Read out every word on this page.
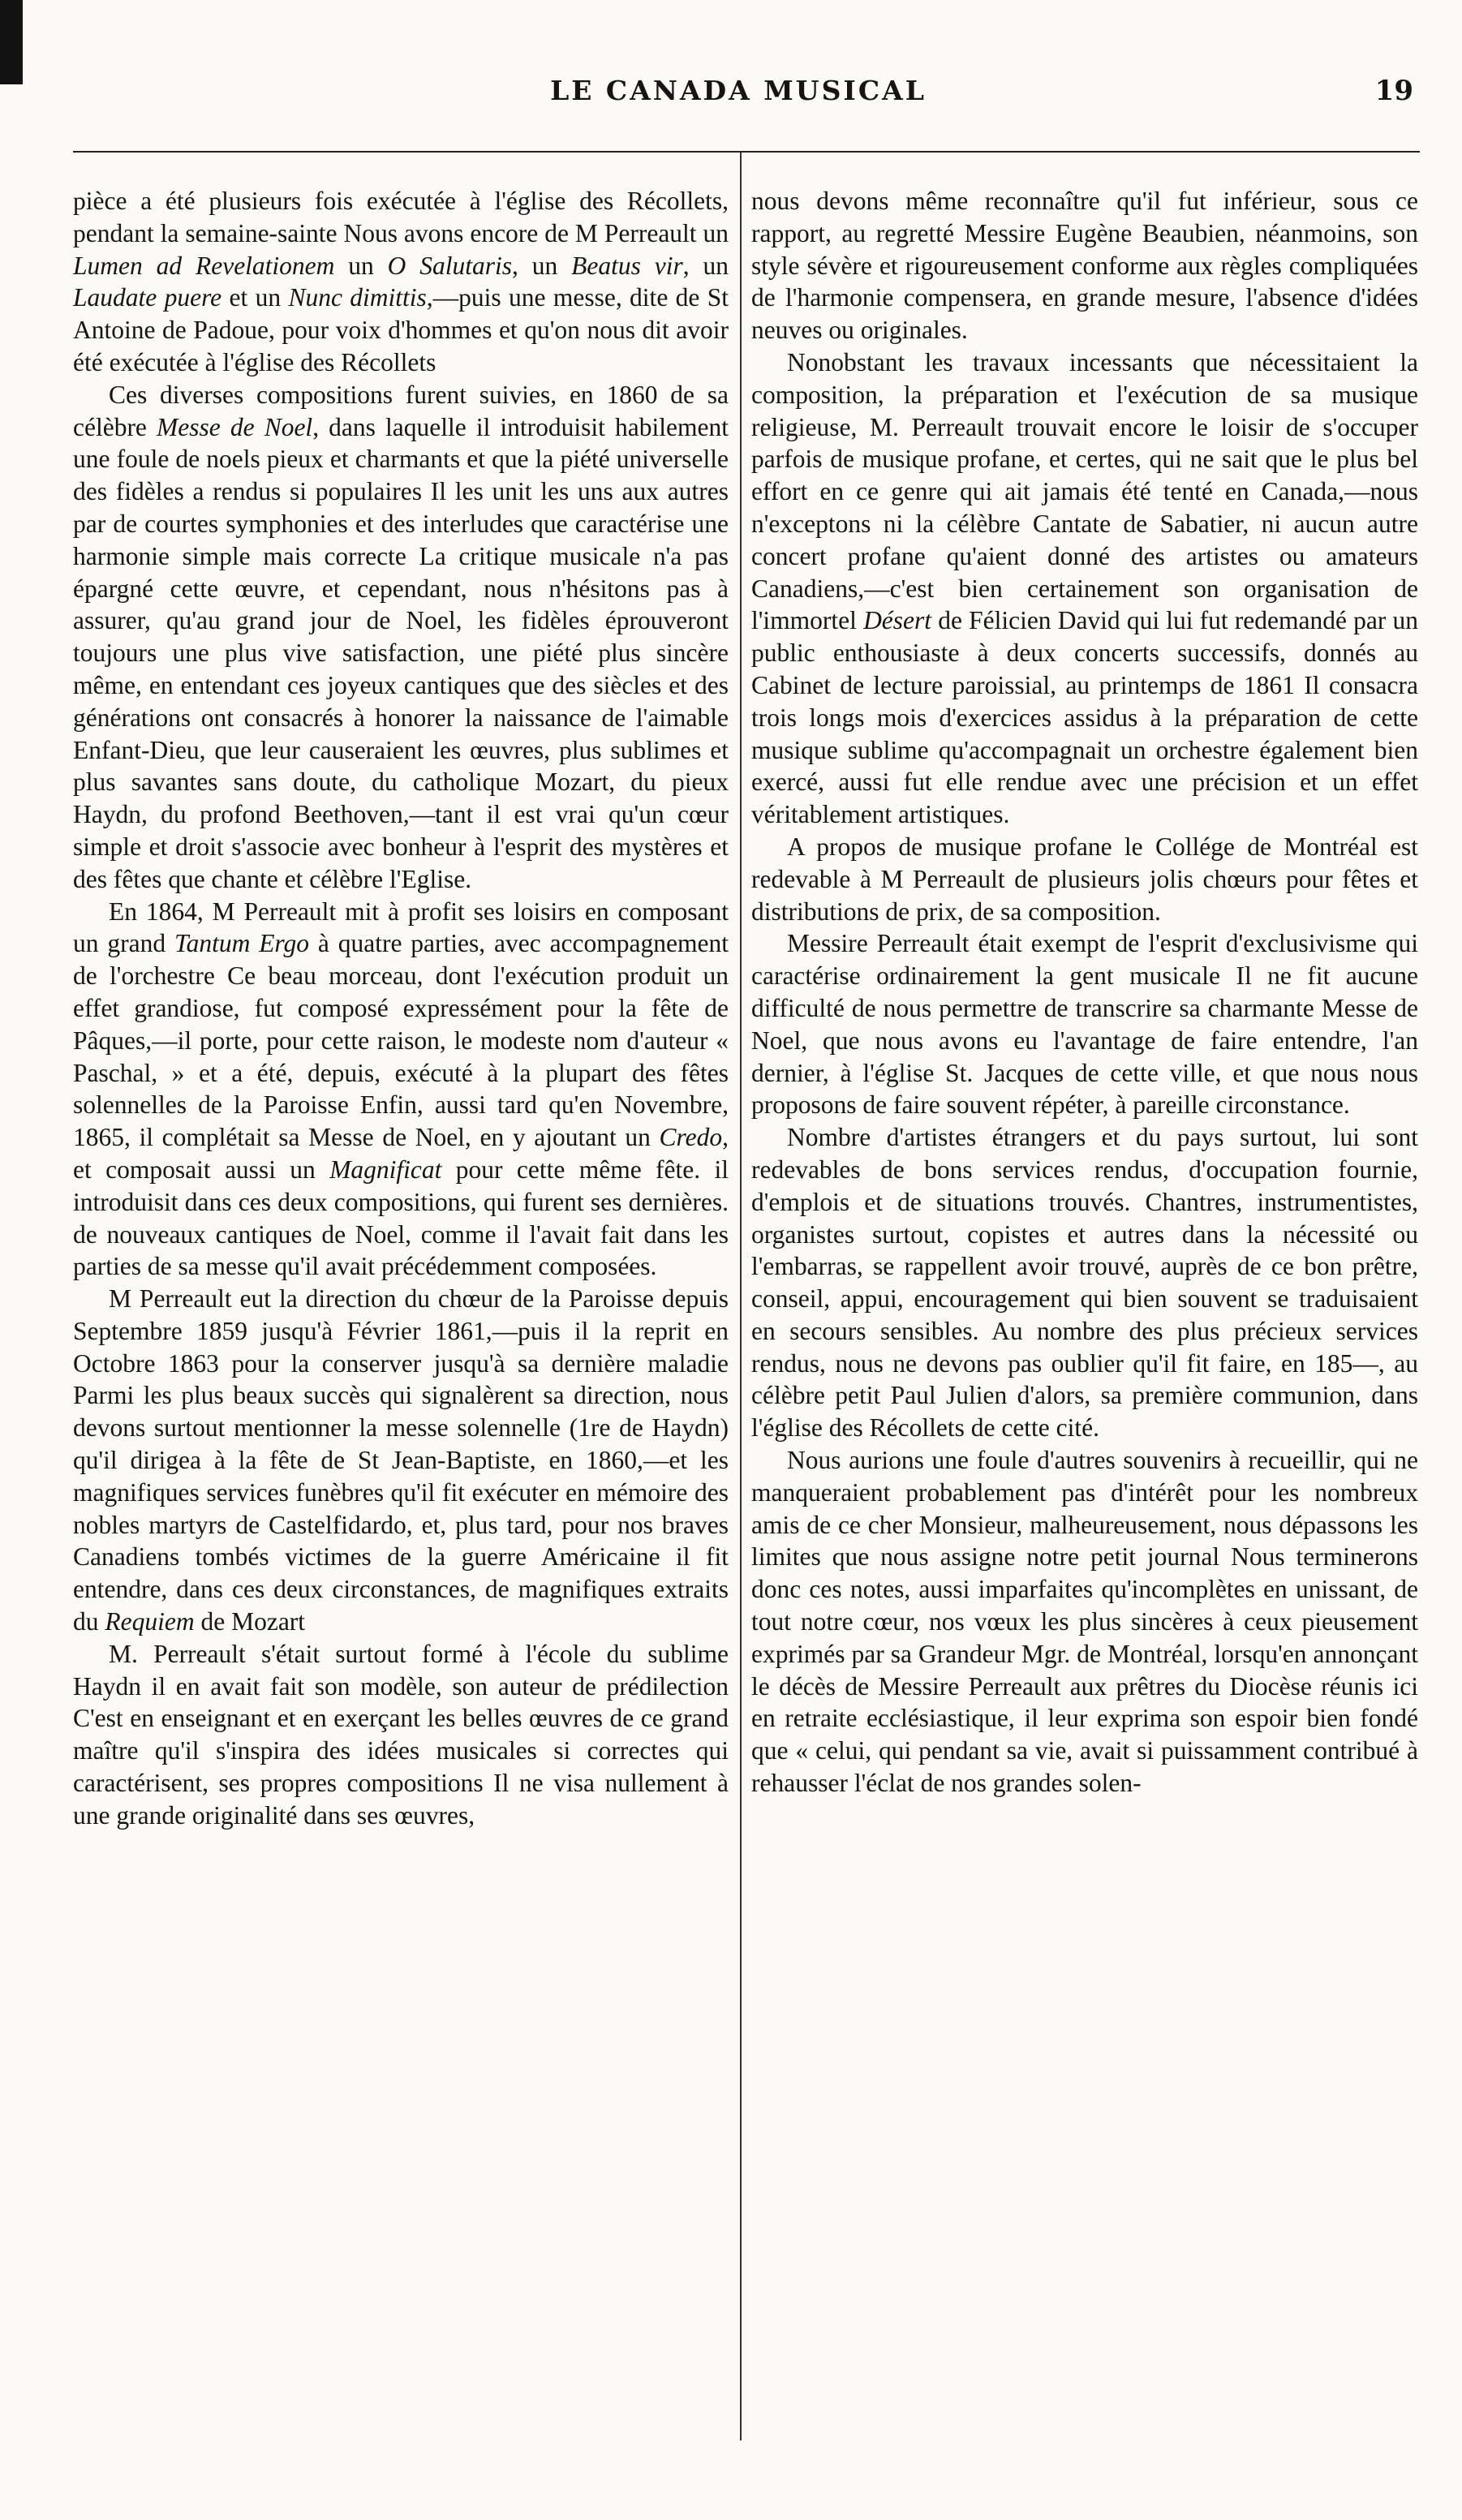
LE CANADA MUSICAL	19

pièce a été plusieurs fois exécutée à l'église des Récollets, pendant la semaine-sainte Nous avons encore de M Perreault un Lumen ad Revelationem un O Salutaris, un Beatus vir, un Laudate puere et un Nunc dimittis,—puis une messe, dite de St Antoine de Padoue, pour voix d'hommes et qu'on nous dit avoir été exécutée à l'église des Récollets

Ces diverses compositions furent suivies, en 1860 de sa célèbre Messe de Noel, dans laquelle il introduisit habilement une foule de noels pieux et charmants et que la piété universelle des fidèles a rendus si populaires Il les unit les uns aux autres par de courtes symphonies et des interludes que caractérise une harmonie simple mais correcte La critique musicale n'a pas épargné cette œuvre, et cependant, nous n'hésitons pas à assurer, qu'au grand jour de Noel, les fidèles éprouveront toujours une plus vive satisfaction, une piété plus sincère même, en entendant ces joyeux cantiques que des siècles et des générations ont consacrés à honorer la naissance de l'aimable Enfant-Dieu, que leur causeraient les œuvres, plus sublimes et plus savantes sans doute, du catholique Mozart, du pieux Haydn, du profond Beethoven,—tant il est vrai qu'un cœur simple et droit s'associe avec bonheur à l'esprit des mystères et des fêtes que chante et célèbre l'Eglise.

En 1864, M Perreault mit à profit ses loisirs en composant un grand Tantum Ergo à quatre parties, avec accompagnement de l'orchestre Ce beau morceau, dont l'exécution produit un effet grandiose, fut composé expressément pour la fête de Pâques,—il porte, pour cette raison, le modeste nom d'auteur « Paschal, » et a été, depuis, exécuté à la plupart des fêtes solennelles de la Paroisse Enfin, aussi tard qu'en Novembre, 1865, il complétait sa Messe de Noel, en y ajoutant un Credo, et composait aussi un Magnificat pour cette même fête. il introduisit dans ces deux compositions, qui furent ses dernières. de nouveaux cantiques de Noel, comme il l'avait fait dans les parties de sa messe qu'il avait précédemment composées.

M Perreault eut la direction du chœur de la Paroisse depuis Septembre 1859 jusqu'à Février 1861,—puis il la reprit en Octobre 1863 pour la conserver jusqu'à sa dernière maladie Parmi les plus beaux succès qui signalèrent sa direction, nous devons surtout mentionner la messe solennelle (1re de Haydn) qu'il dirigea à la fête de St Jean-Baptiste, en 1860,—et les magnifiques services funèbres qu'il fit exécuter en mémoire des nobles martyrs de Castelfidardo, et, plus tard, pour nos braves Canadiens tombés victimes de la guerre Américaine il fit entendre, dans ces deux circonstances, de magnifiques extraits du Requiem de Mozart

M. Perreault s'était surtout formé à l'école du sublime Haydn il en avait fait son modèle, son auteur de prédilection C'est en enseignant et en exerçant les belles œuvres de ce grand maître qu'il s'inspira des idées musicales si correctes qui caractérisent, ses propres compositions Il ne visa nullement à une grande originalité dans ses œuvres,

nous devons même reconnaître qu'il fut inférieur, sous ce rapport, au regretté Messire Eugène Beaubien, néanmoins, son style sévère et rigoureusement conforme aux règles compliquées de l'harmonie compensera, en grande mesure, l'absence d'idées neuves ou originales.

Nonobstant les travaux incessants que nécessitaient la composition, la préparation et l'exécution de sa musique religieuse, M. Perreault trouvait encore le loisir de s'occuper parfois de musique profane, et certes, qui ne sait que le plus bel effort en ce genre qui ait jamais été tenté en Canada,—nous n'exceptons ni la célèbre Cantate de Sabatier, ni aucun autre concert profane qu'aient donné des artistes ou amateurs Canadiens,—c'est bien certainement son organisation de l'immortel Désert de Félicien David qui lui fut redemandé par un public enthousiaste à deux concerts successifs, donnés au Cabinet de lecture paroissial, au printemps de 1861 Il consacra trois longs mois d'exercices assidus à la préparation de cette musique sublime qu'accompagnait un orchestre également bien exercé, aussi fut elle rendue avec une précision et un effet véritablement artistiques.

A propos de musique profane le Collége de Montréal est redevable à M Perreault de plusieurs jolis chœurs pour fêtes et distributions de prix, de sa composition.

Messire Perreault était exempt de l'esprit d'exclusivisme qui caractérise ordinairement la gent musicale Il ne fit aucune difficulté de nous permettre de transcrire sa charmante Messe de Noel, que nous avons eu l'avantage de faire entendre, l'an dernier, à l'église St. Jacques de cette ville, et que nous nous proposons de faire souvent répéter, à pareille circonstance.

Nombre d'artistes étrangers et du pays surtout, lui sont redevables de bons services rendus, d'occupation fournie, d'emplois et de situations trouvés. Chantres, instrumentistes, organistes surtout, copistes et autres dans la nécessité ou l'embarras, se rappellent avoir trouvé, auprès de ce bon prêtre, conseil, appui, encouragement qui bien souvent se traduisaient en secours sensibles. Au nombre des plus précieux services rendus, nous ne devons pas oublier qu'il fit faire, en 185—, au célèbre petit Paul Julien d'alors, sa première communion, dans l'église des Récollets de cette cité.

Nous aurions une foule d'autres souvenirs à recueillir, qui ne manqueraient probablement pas d'intérêt pour les nombreux amis de ce cher Monsieur, malheureusement, nous dépassons les limites que nous assigne notre petit journal Nous terminerons donc ces notes, aussi imparfaites qu'incomplètes en unissant, de tout notre cœur, nos vœux les plus sincères à ceux pieusement exprimés par sa Grandeur Mgr. de Montréal, lorsqu'en annonçant le décès de Messire Perreault aux prêtres du Diocèse réunis ici en retraite ecclésiastique, il leur exprima son espoir bien fondé que « celui, qui pendant sa vie, avait si puissamment contribué à rehausser l'éclat de nos grandes solen-
